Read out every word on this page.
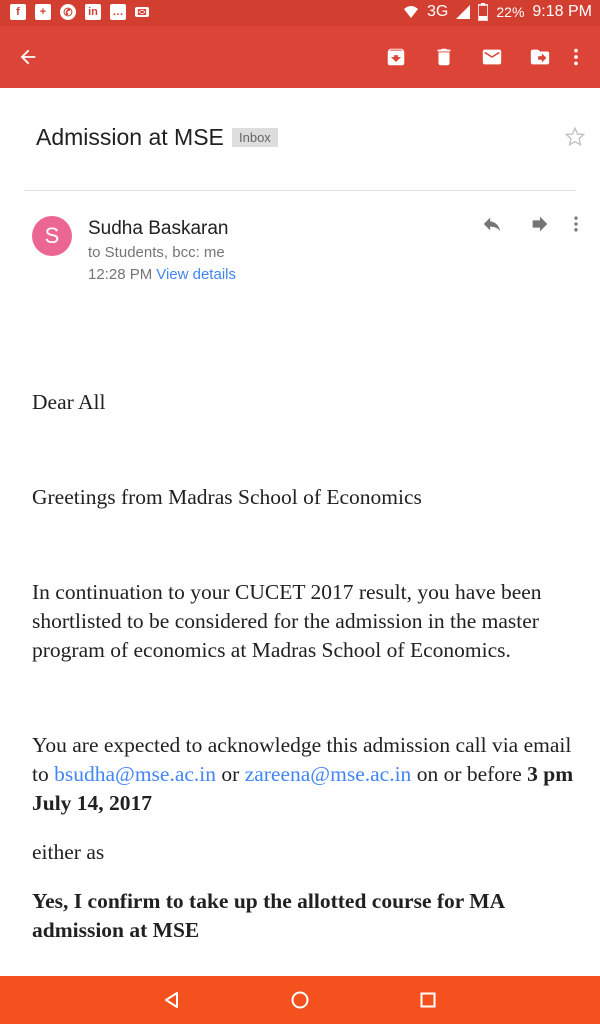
f	+	✆	in … ✉	3G	22% 9:18 PM
Admission at MSE	Inbox
S	Sudha Baskaran
to Students, bcc: me
12:28 PM View details

Dear All

Greetings from Madras School of Economics

In continuation to your CUCET 2017 result, you have been shortlisted to be considered for the admission in the master program of economics at Madras School of Economics.

You are expected to acknowledge this admission call via email to bsudha@mse.ac.in or zareena@mse.ac.in on or before 3 pm July 14, 2017

either as

Yes, I confirm to take up the allotted course for MA admission at MSE
